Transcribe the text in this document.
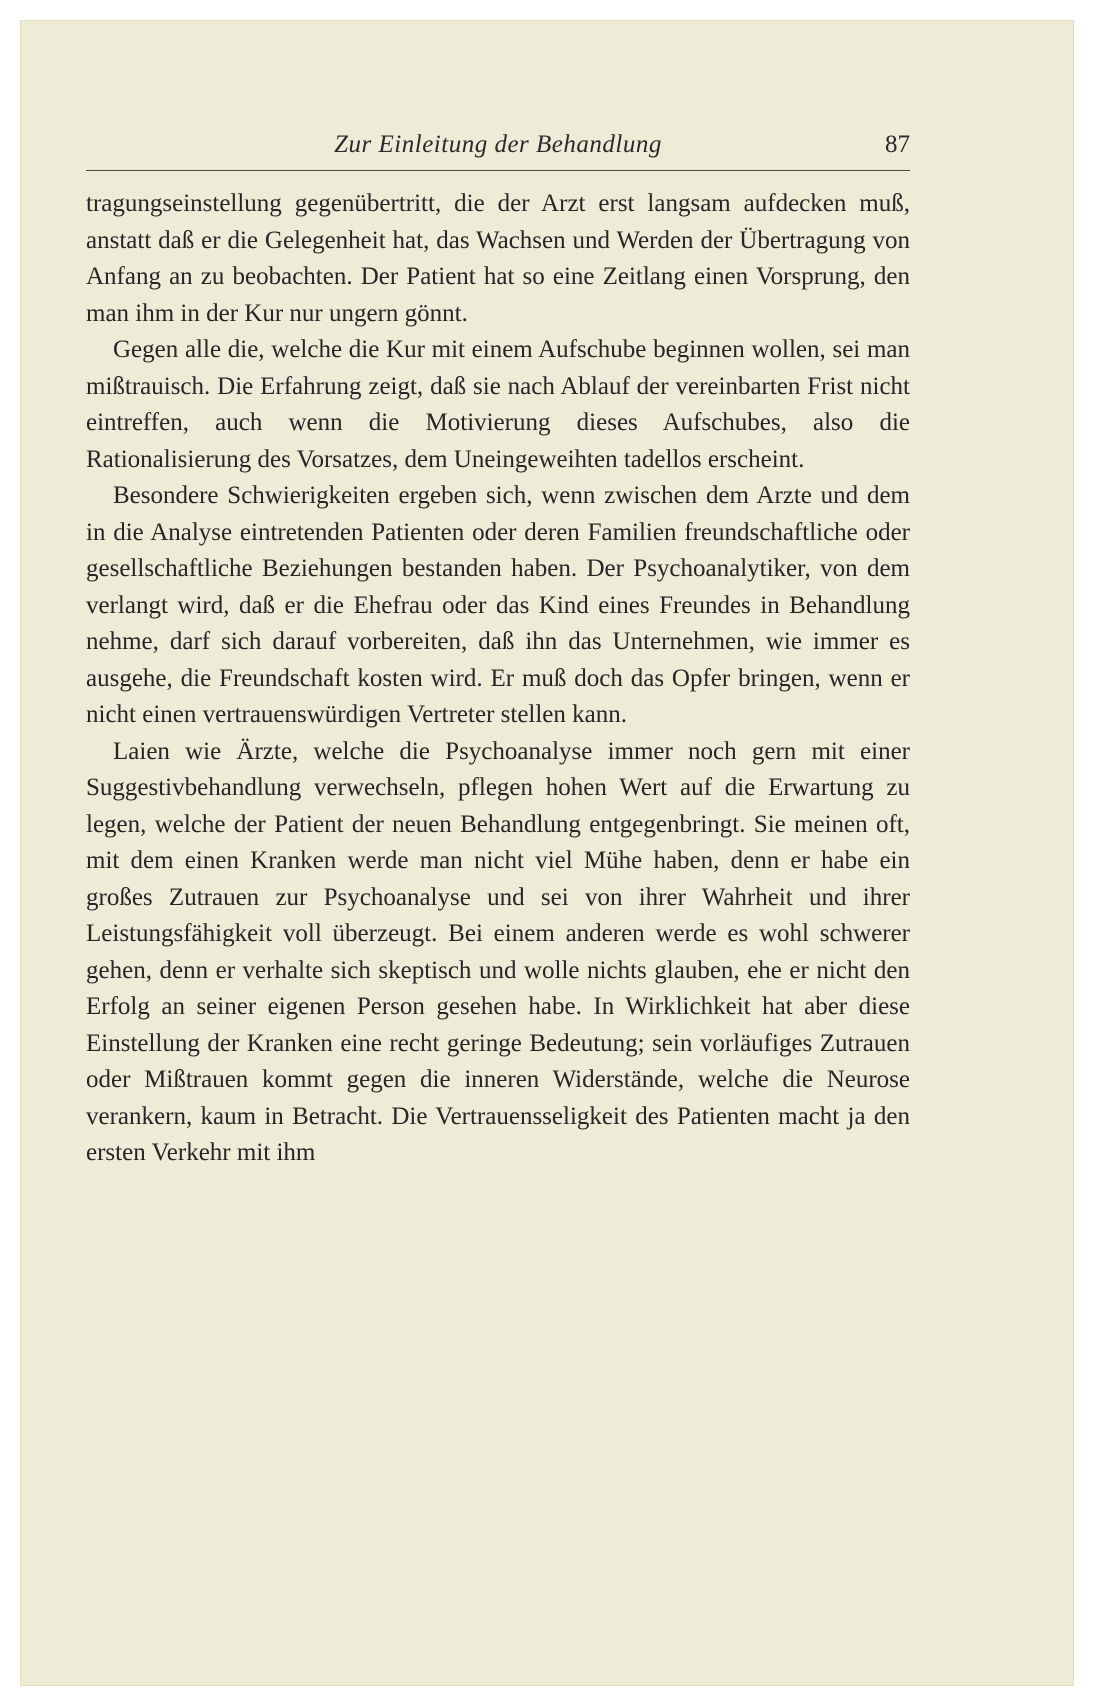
Zur Einleitung der Behandlung	87

tragungseinstellung gegenübertritt, die der Arzt erst langsam aufdecken muß, anstatt daß er die Gelegenheit hat, das Wachsen und Werden der Übertragung von Anfang an zu beobachten. Der Patient hat so eine Zeitlang einen Vorsprung, den man ihm in der Kur nur ungern gönnt.

Gegen alle die, welche die Kur mit einem Aufschube beginnen wollen, sei man mißtrauisch. Die Erfahrung zeigt, daß sie nach Ablauf der vereinbarten Frist nicht eintreffen, auch wenn die Motivierung dieses Aufschubes, also die Rationalisierung des Vorsatzes, dem Uneingeweihten tadellos erscheint.

Besondere Schwierigkeiten ergeben sich, wenn zwischen dem Arzte und dem in die Analyse eintretenden Patienten oder deren Familien freundschaftliche oder gesellschaftliche Beziehungen bestanden haben. Der Psychoanalytiker, von dem verlangt wird, daß er die Ehefrau oder das Kind eines Freundes in Behandlung nehme, darf sich darauf vorbereiten, daß ihn das Unternehmen, wie immer es ausgehe, die Freundschaft kosten wird. Er muß doch das Opfer bringen, wenn er nicht einen vertrauenswürdigen Vertreter stellen kann.

Laien wie Ärzte, welche die Psychoanalyse immer noch gern mit einer Suggestivbehandlung verwechseln, pflegen hohen Wert auf die Erwartung zu legen, welche der Patient der neuen Behandlung entgegenbringt. Sie meinen oft, mit dem einen Kranken werde man nicht viel Mühe haben, denn er habe ein großes Zutrauen zur Psychoanalyse und sei von ihrer Wahrheit und ihrer Leistungsfähigkeit voll überzeugt. Bei einem anderen werde es wohl schwerer gehen, denn er verhalte sich skeptisch und wolle nichts glauben, ehe er nicht den Erfolg an seiner eigenen Person gesehen habe. In Wirklichkeit hat aber diese Einstellung der Kranken eine recht geringe Bedeutung; sein vorläufiges Zutrauen oder Mißtrauen kommt gegen die inneren Widerstände, welche die Neurose verankern, kaum in Betracht. Die Vertrauensseligkeit des Patienten macht ja den ersten Verkehr mit ihm
